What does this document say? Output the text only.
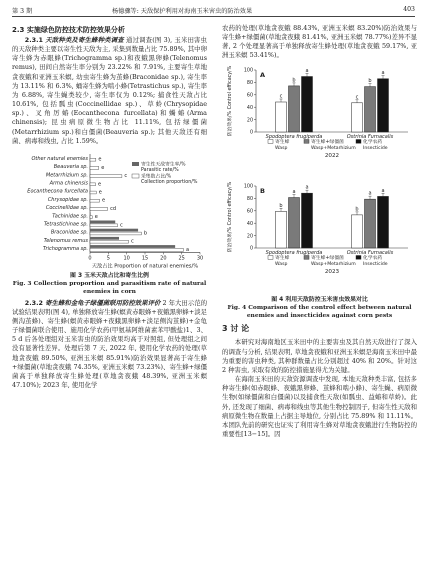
第 3 期	杨德骤等: 天敌保护利用对海南玉米害虫的防治效果	403
2.3 实施绿色防控技术防控效果分析

2.3.1 天敌种类及寄生蜂种类调查 通过调查(图 3), 玉米田害虫的天敌种类主要以寄生性天敌为主, 采集到数量占比 75.89%, 其中卵寄生蜂为赤眼蜂(Trichogramma sp.)和夜蛾黑卵蜂(Telenomus remus), 田间自然寄生率分别为 23.22% 和 7.91%, 主要寄生草地贪夜蛾和亚洲玉米螟, 幼虫寄生蜂为茧蜂(Braconidae sp.), 寄生率为 13.11% 和 6.3%, 蛹寄生蜂为啮小蜂(Tetrastichus sp.), 寄生率为 6.88%, 寄生蝇类较少, 寄生率仅为 0.12%; 捕食性天敌占比 10.61%, 包括瓢虫(Coccinellidae sp.)、草蛉(Chrysopidae sp.)、叉角厉蝽(Eocanthecona furcellata)和蠋蝽(Arma chinensis); 昆虫病原微生物占比 11.11%, 包括绿僵菌(Metarrhizium sp.)和白僵菌(Beauveria sp.); 其他天敌还有细菌、病毒和线虫, 占比 1.59%。

0	5	10 15 20 25 30
Other natural enemies e
Beauveria sp.	e
Metarrhizium sp.	c
Arma chinensis e
Eocanthecona furcellata e
Chrysopidae sp.	e
Coccinellidae sp.	cd
Tachinidae sp. e
Tetrastichinae sp.	c
Braconidae sp.	b
Telenomus remus	c
Trichogramma sp.	a
天敌占比 Proportion of natural enemies/%
寄生性天敌寄生率/%
Parasitic rate/%
采集数占比/%
Collection proportion/%
图 3 玉米天敌占比和寄生比例
Fig. 3 Collection proportion and parasitism rate of natural enemies in corn

2.3.2 寄生蜂和金龟子绿僵菌联用防控效果评价 2 年大田示范的试验结果表明(图 4), 单独释放寄生蜂(螟黄赤眼蜂+夜蛾黑卵蜂+淡足侧沟茧蜂)、寄生蜂(螟黄赤眼蜂+夜蛾黑卵蜂+淡足侧沟茧蜂)+金龟子绿僵菌联合使用、施用化学农药(甲氨基阿维菌素苯甲酸盐)1、3、5 d 后各处理组对玉米害虫的防治效果均高于对照组, 但处理组之间没有显著性差异。处理后第 7 天, 2022 年, 使用化学农药的处理(草地贪夜蛾 89.50%, 亚洲玉米螟 85.91%)防治效果显著高于寄生蜂+绿僵菌(草地贪夜蛾 74.35%, 亚洲玉米螟 73.23%)、寄生蜂+绿僵菌高于单独释放寄生蜂处理(草地贪夜蛾 48.39%, 亚洲玉米螟 47.10%); 2023 年, 使用化学

农药的处理(草地贪夜蛾 88.43%, 亚洲玉米螟 83.20%)防治效果与寄生蜂+绿僵菌(草地贪夜蛾 81.41%, 亚洲玉米螟 78.77%)差异不显著, 2 个处理显著高于单独释放寄生蜂处理(草地贪夜蛾 59.17%, 亚洲玉米螟 53.41%)。

0
20
40
60
80
100 A
c
b
a
Spodoptera frugiperda
c
b
a
Ostrinia Furnacalis
寄生蜂
Wasp
寄生蜂+绿僵菌
Wasp+Metarhizium
化学农药
Insecticide
2022
防治效果/% Control efficacy/%
0
20
40
60
80
100 B
b
a
a
Spodoptera frugiperda
b
a a
Ostrinia Furnacalis
寄生蜂
Wasp
寄生蜂+绿僵菌
Wasp+Metarhizium
化学农药
Insecticide
2023
防治效果/% Control efficacy/%
图 4 利用天敌防控玉米害虫效果对比
Fig. 4 Comparison of the control effect between natural enemies and insecticides against corn pests
3 讨 论

本研究对海南地区玉米田中的主要害虫及其自然天敌进行了深入的调查与分析, 结果表明, 草地贪夜蛾和亚洲玉米螟是海南玉米田中最为重要的害虫种类, 其种群数量占比分别超过 40% 和 20%。针对这 2 种害虫, 采取有效的防控措施显得尤为关键。

在海南玉米田的天敌资源调查中发现, 本地天敌种类丰富, 包括多种寄生蜂(如赤眼蜂、夜蛾黑卵蜂、茧蜂和啮小蜂)、寄生蝇、病原微生物(如绿僵菌和白僵菌)以及捕食性天敌(如瓢虫、益蝽和草蛉)。此外, 还发现了细菌、病毒和线虫等其他生物控制因子, 但寄生性天敌和病原微生物在数量上占据主导地位, 分别占比 75.89% 和 11.11%。本团队先前的研究也证实了利用寄生蜂对草地贪夜蛾进行生物防控的重要性[13−15]。因
